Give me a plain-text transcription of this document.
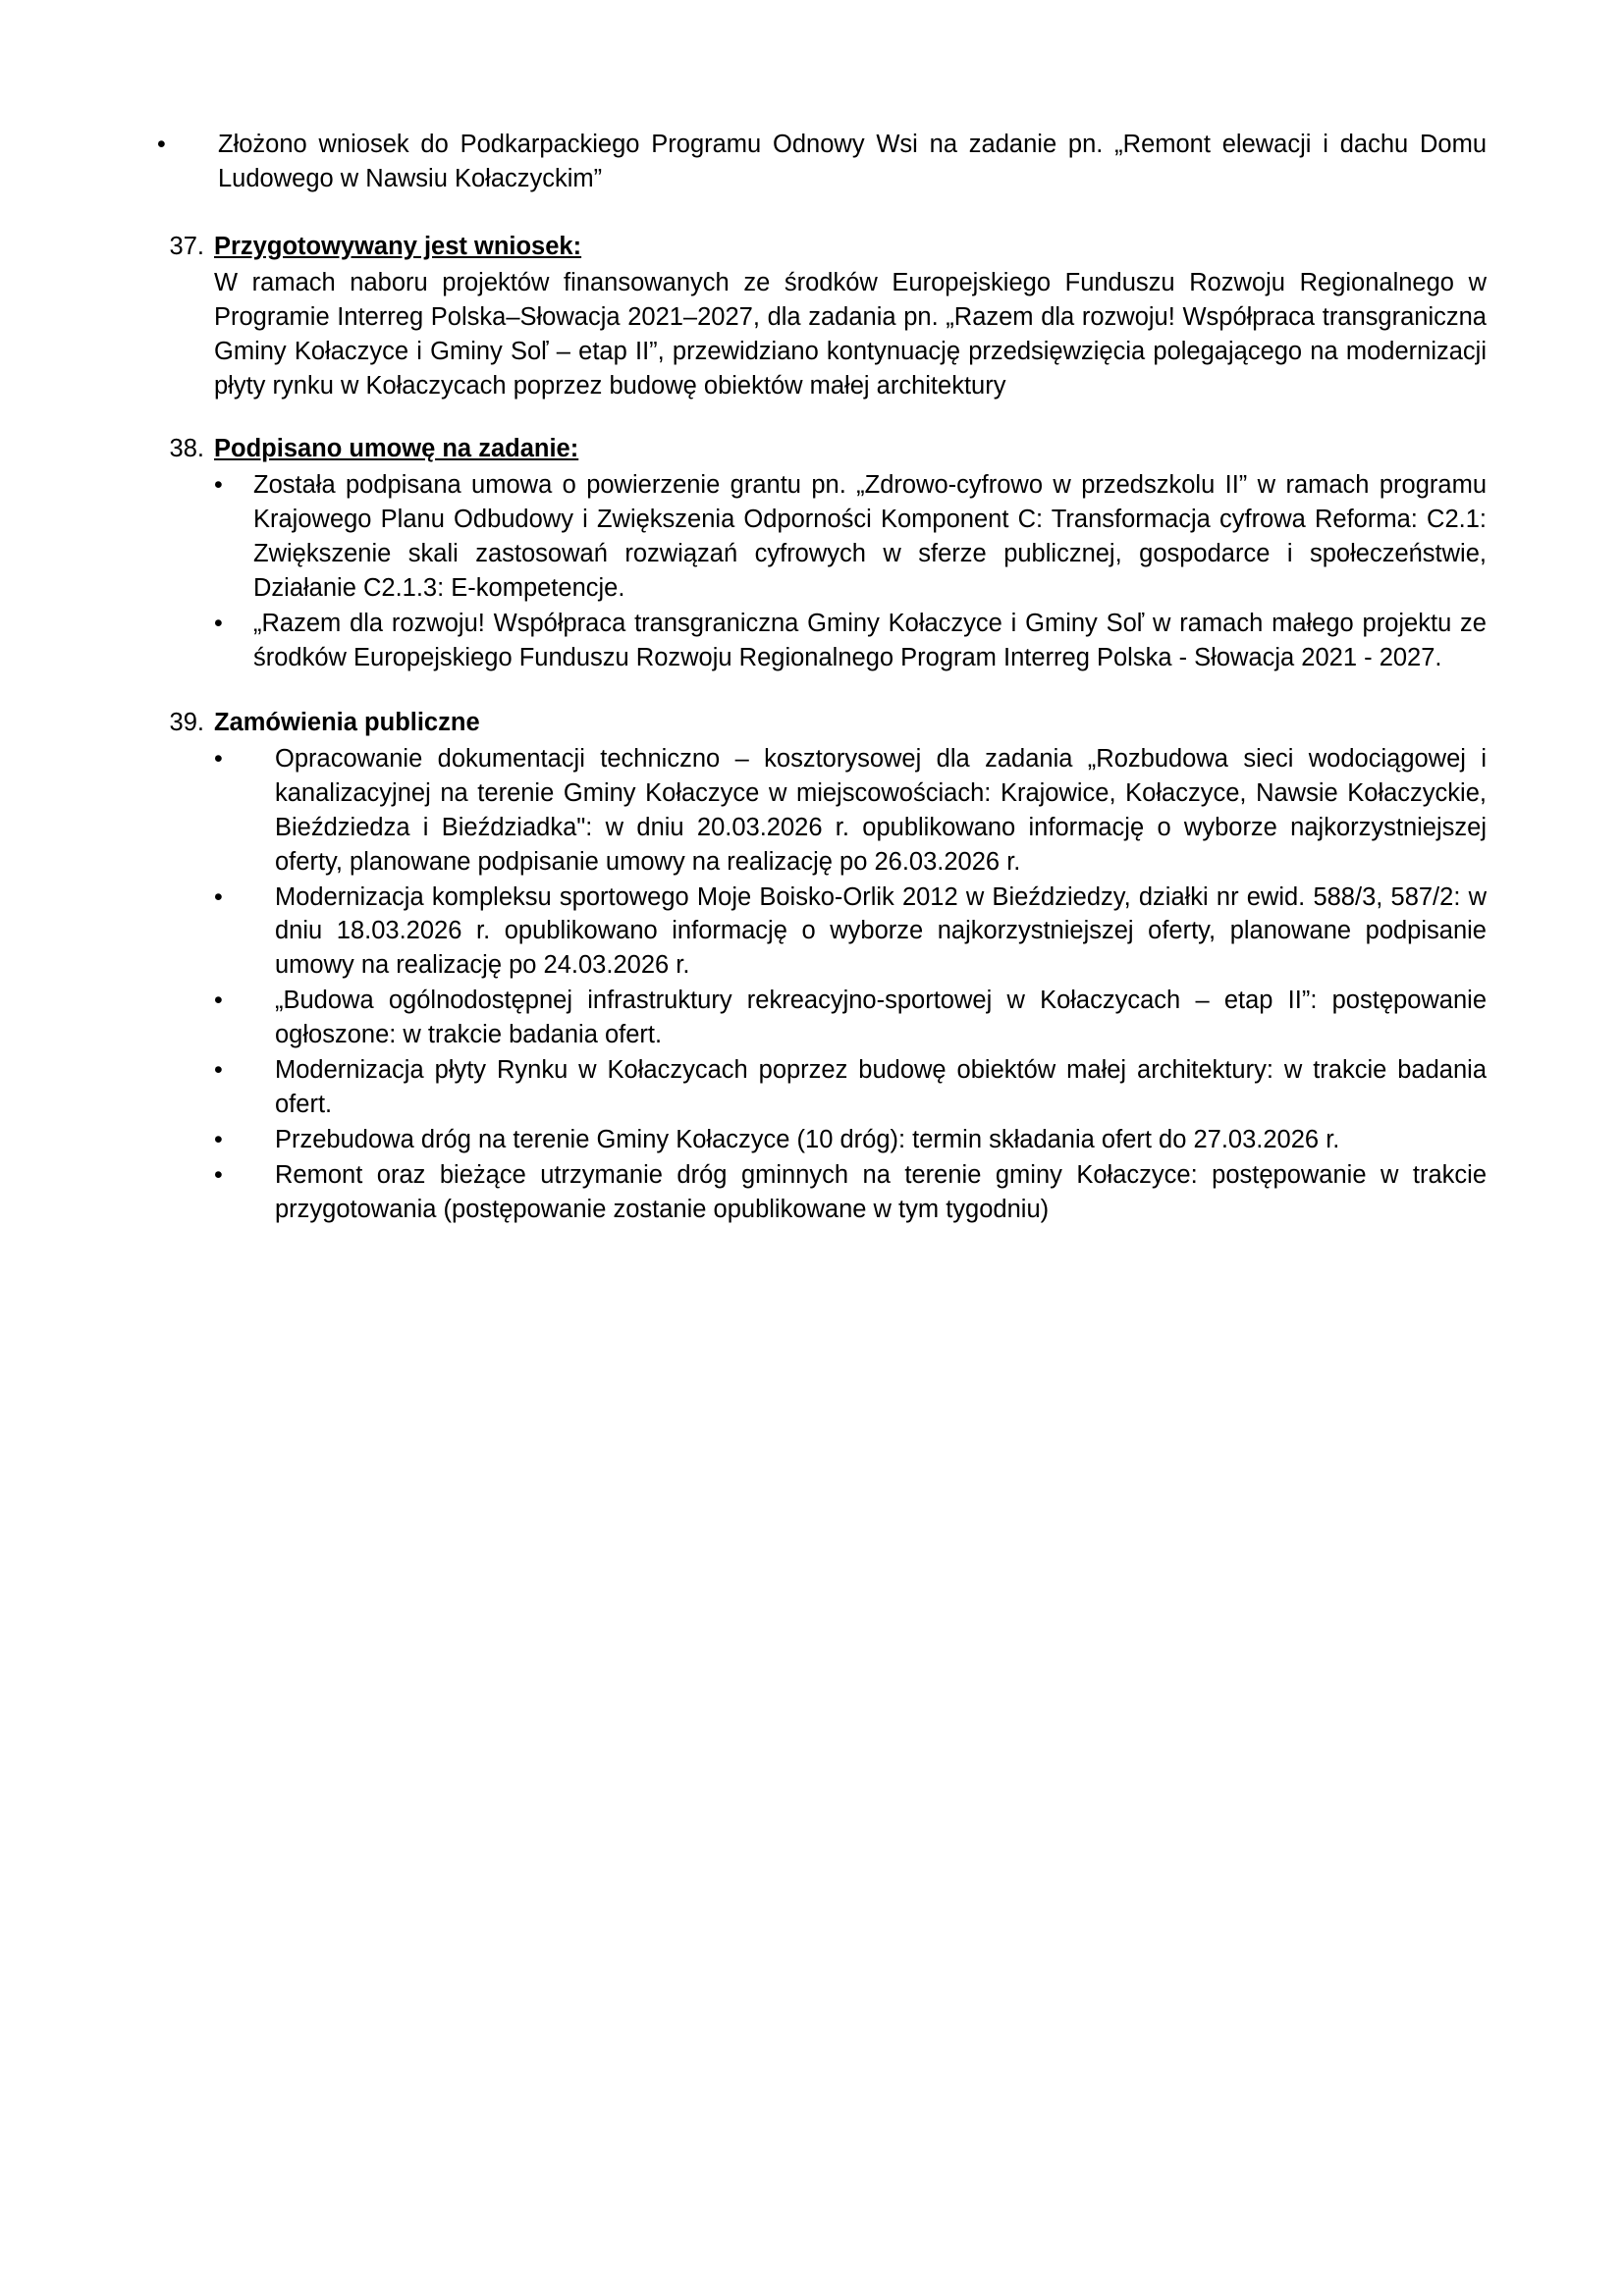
•	Złożono wniosek do Podkarpackiego Programu Odnowy Wsi na zadanie pn. „Remont elewacji i dachu Domu Ludowego w Nawsiu Kołaczyckim”
37. Przygotowywany jest wniosek:

W ramach naboru projektów finansowanych ze środków Europejskiego Funduszu Rozwoju Regionalnego w Programie Interreg Polska–Słowacja 2021–2027, dla zadania pn. „Razem dla rozwoju! Współpraca transgraniczna Gminy Kołaczyce i Gminy Soľ – etap II”, przewidziano kontynuację przedsięwzięcia polegającego na modernizacji płyty rynku w Kołaczycach poprzez budowę obiektów małej architektury

38. Podpisano umowę na zadanie:
•	Została podpisana umowa o powierzenie grantu pn. „Zdrowo-cyfrowo w przedszkolu II” w ramach programu Krajowego Planu Odbudowy i Zwiększenia Odporności Komponent C: Transformacja cyfrowa Reforma: C2.1: Zwiększenie skali zastosowań rozwiązań cyfrowych w sferze publicznej, gospodarce i społeczeństwie, Działanie C2.1.3: E-kompetencje.
•	„Razem dla rozwoju! Współpraca transgraniczna Gminy Kołaczyce i Gminy Soľ w ramach małego projektu ze środków Europejskiego Funduszu Rozwoju Regionalnego Program Interreg Polska - Słowacja 2021 - 2027.
39. Zamówienia publiczne
•	Opracowanie dokumentacji techniczno – kosztorysowej dla zadania „Rozbudowa sieci wodociągowej i kanalizacyjnej na terenie Gminy Kołaczyce w miejscowościach: Krajowice, Kołaczyce, Nawsie Kołaczyckie, Bieździedza i Bieździadka": w dniu 20.03.2026 r. opublikowano informację o wyborze najkorzystniejszej oferty, planowane podpisanie umowy na realizację po 26.03.2026 r.
•	Modernizacja kompleksu sportowego Moje Boisko-Orlik 2012 w Bieździedzy, działki nr ewid. 588/3, 587/2: w dniu 18.03.2026 r. opublikowano informację o wyborze najkorzystniejszej oferty, planowane podpisanie umowy na realizację po 24.03.2026 r.
•	„Budowa ogólnodostępnej infrastruktury rekreacyjno-sportowej w Kołaczycach – etap II”: postępowanie ogłoszone: w trakcie badania ofert.
•	Modernizacja płyty Rynku w Kołaczycach poprzez budowę obiektów małej architektury: w trakcie badania ofert.
•	Przebudowa dróg na terenie Gminy Kołaczyce (10 dróg): termin składania ofert do 27.03.2026 r.
•	Remont oraz bieżące utrzymanie dróg gminnych na terenie gminy Kołaczyce: postępowanie w trakcie przygotowania (postępowanie zostanie opublikowane w tym tygodniu)
